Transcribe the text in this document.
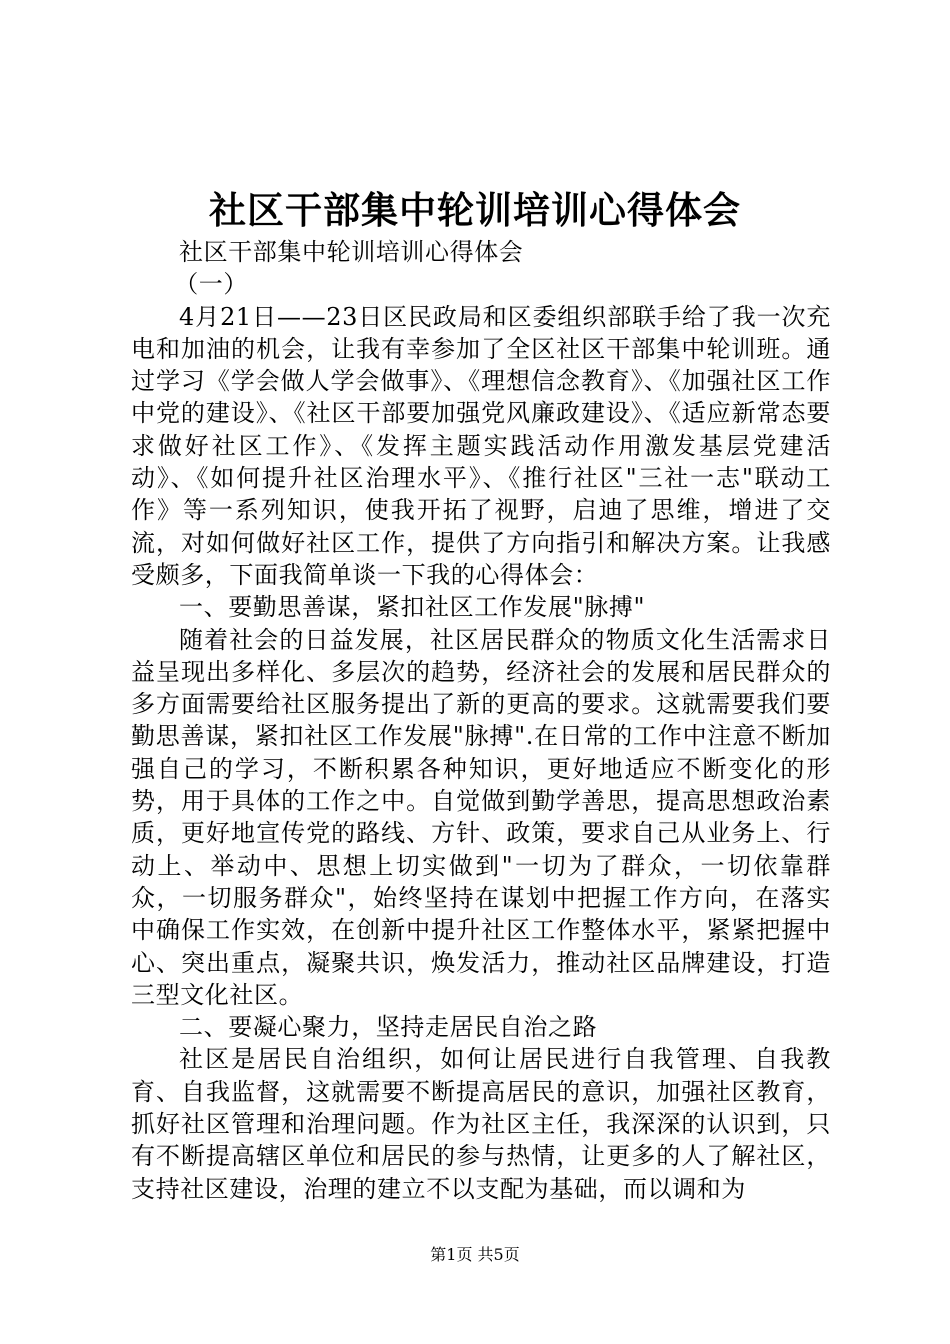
社区干部集中轮训培训心得体会

社区干部集中轮训培训心得体会

（一）

4月21日——23日区民政局和区委组织部联手给了我一次充电和加油的机会，让我有幸参加了全区社区干部集中轮训班。通过学习《学会做人学会做事》、《理想信念教育》、《加强社区工作中党的建设》、《社区干部要加强党风廉政建设》、《适应新常态要求做好社区工作》、《发挥主题实践活动作用激发基层党建活动》、《如何提升社区治理水平》、《推行社区"三社一志"联动工作》等一系列知识，使我开拓了视野，启迪了思维，增进了交流，对如何做好社区工作，提供了方向指引和解决方案。让我感受颇多，下面我简单谈一下我的心得体会：

一、要勤思善谋，紧扣社区工作发展"脉搏"

随着社会的日益发展，社区居民群众的物质文化生活需求日益呈现出多样化、多层次的趋势，经济社会的发展和居民群众的多方面需要给社区服务提出了新的更高的要求。这就需要我们要勤思善谋，紧扣社区工作发展"脉搏".在日常的工作中注意不断加强自己的学习，不断积累各种知识，更好地适应不断变化的形势，用于具体的工作之中。自觉做到勤学善思，提高思想政治素质，更好地宣传党的路线、方针、政策，要求自己从业务上、行动上、举动中、思想上切实做到"一切为了群众，一切依靠群众，一切服务群众"，始终坚持在谋划中把握工作方向，在落实中确保工作实效，在创新中提升社区工作整体水平，紧紧把握中心、突出重点，凝聚共识，焕发活力，推动社区品牌建设，打造三型文化社区。

二、要凝心聚力，坚持走居民自治之路

社区是居民自治组织，如何让居民进行自我管理、自我教育、自我监督，这就需要不断提高居民的意识，加强社区教育，抓好社区管理和治理问题。作为社区主任，我深深的认识到，只有不断提高辖区单位和居民的参与热情，让更多的人了解社区，支持社区建设，治理的建立不以支配为基础，而以调和为

第1页 共5页
